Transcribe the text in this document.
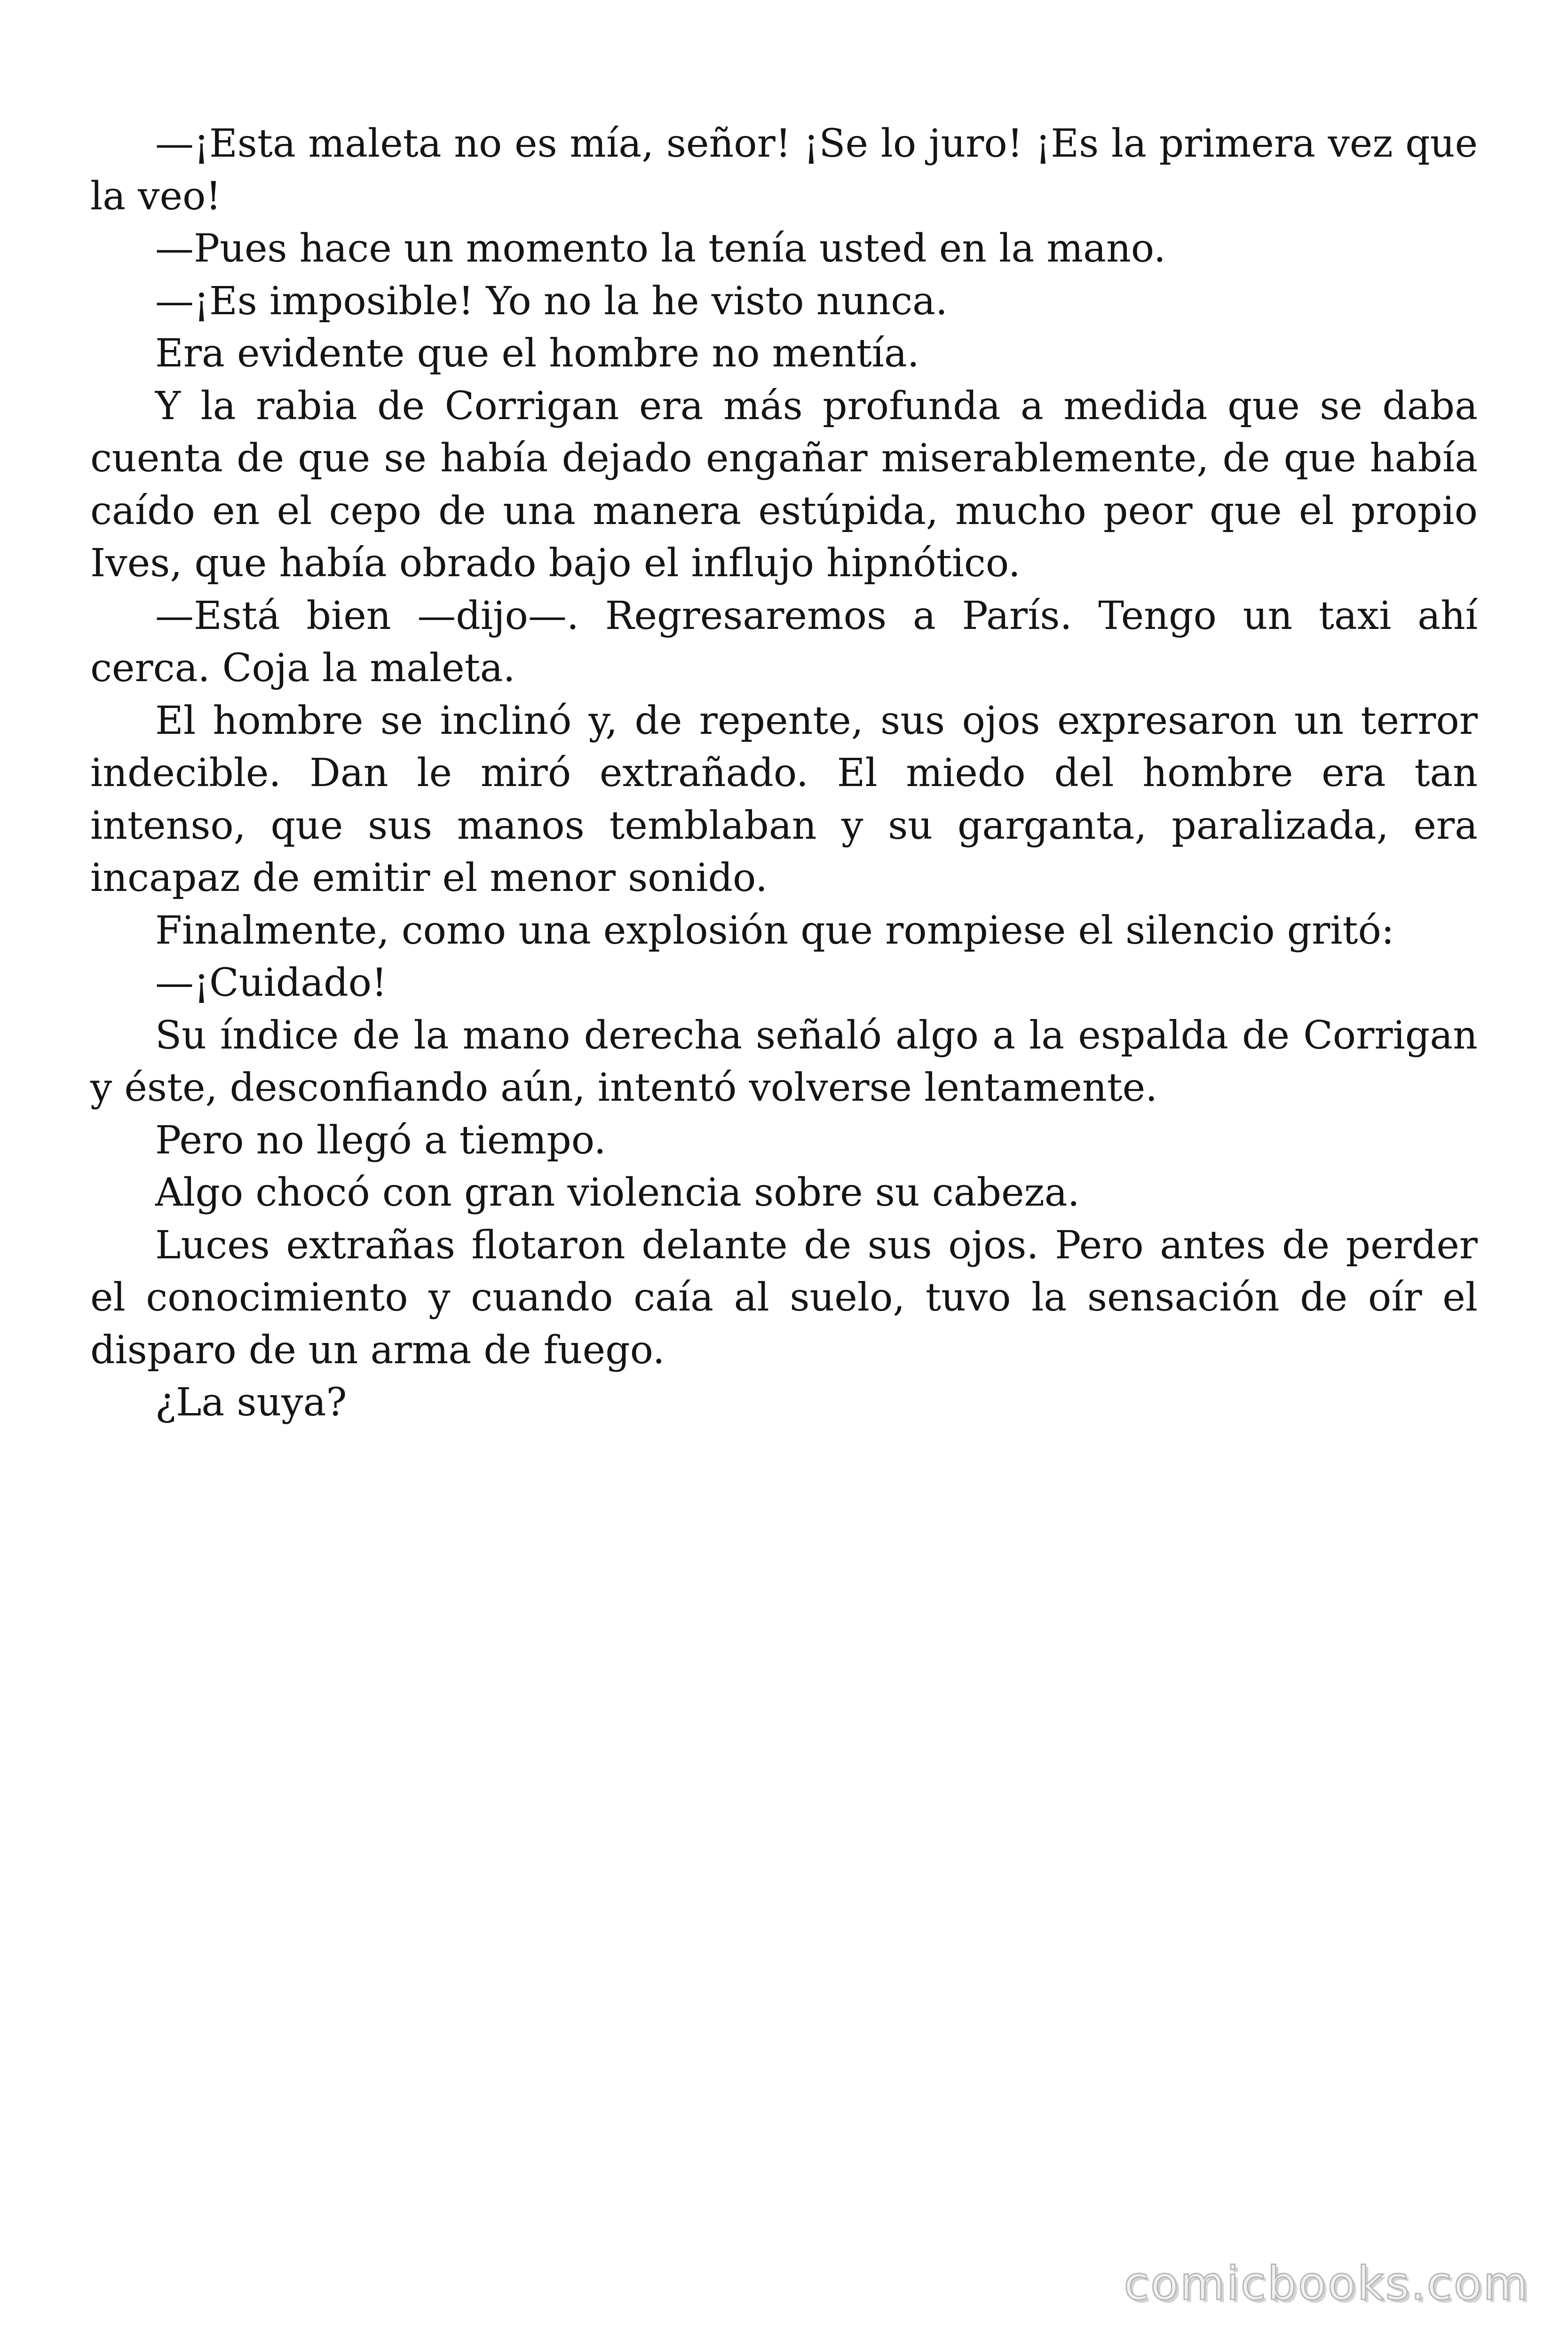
—¡Esta maleta no es mía, señor! ¡Se lo juro! ¡Es la primera vez que la veo!

—Pues hace un momento la tenía usted en la mano.

—¡Es imposible! Yo no la he visto nunca.

Era evidente que el hombre no mentía.

Y la rabia de Corrigan era más profunda a medida que se daba cuenta de que se había dejado engañar miserablemente, de que había caído en el cepo de una manera estúpida, mucho peor que el propio Ives, que había obrado bajo el influjo hipnótico.

—Está bien —dijo—. Regresaremos a París. Tengo un taxi ahí cerca. Coja la maleta.

El hombre se inclinó y, de repente, sus ojos expresaron un terror indecible. Dan le miró extrañado. El miedo del hombre era tan intenso, que sus manos temblaban y su garganta, paralizada, era incapaz de emitir el menor sonido.

Finalmente, como una explosión que rompiese el silencio gritó:

—¡Cuidado!

Su índice de la mano derecha señaló algo a la espalda de Corrigan y éste, desconfiando aún, intentó volverse lentamente.

Pero no llegó a tiempo.

Algo chocó con gran violencia sobre su cabeza.

Luces extrañas flotaron delante de sus ojos. Pero antes de perder el conocimiento y cuando caía al suelo, tuvo la sensación de oír el disparo de un arma de fuego.

¿La suya?

comicbooks.com
